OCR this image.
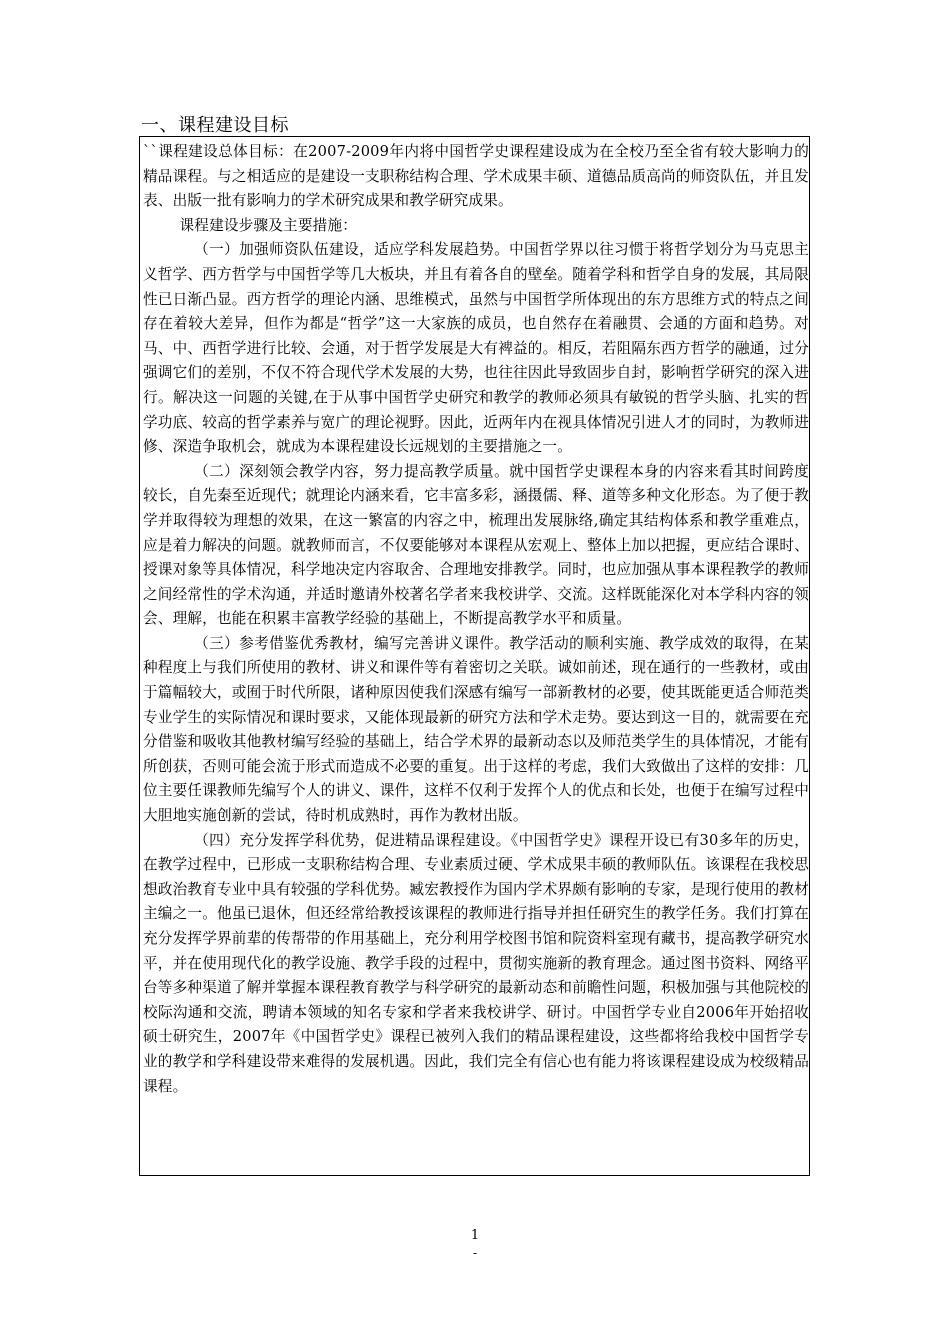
一、课程建设目标

``课程建设总体目标：在2007-2009年内将中国哲学史课程建设成为在全校乃至全省有较大影响力的精品课程。与之相适应的是建设一支职称结构合理、学术成果丰硕、道德品质高尚的师资队伍，并且发表、出版一批有影响力的学术研究成果和教学研究成果。

课程建设步骤及主要措施：

（一）加强师资队伍建设，适应学科发展趋势。中国哲学界以往习惯于将哲学划分为马克思主义哲学、西方哲学与中国哲学等几大板块，并且有着各自的壁垒。随着学科和哲学自身的发展，其局限性已日渐凸显。西方哲学的理论内涵、思维模式，虽然与中国哲学所体现出的东方思维方式的特点之间存在着较大差异，但作为都是“哲学”这一大家族的成员，也自然存在着融贯、会通的方面和趋势。对马、中、西哲学进行比较、会通，对于哲学发展是大有裨益的。相反，若阻隔东西方哲学的融通，过分强调它们的差别，不仅不符合现代学术发展的大势，也往往因此导致固步自封，影响哲学研究的深入进行。解决这一问题的关键,在于从事中国哲学史研究和教学的教师必须具有敏锐的哲学头脑、扎实的哲学功底、较高的哲学素养与宽广的理论视野。因此，近两年内在视具体情况引进人才的同时，为教师进修、深造争取机会，就成为本课程建设长远规划的主要措施之一。

（二）深刻领会教学内容，努力提高教学质量。就中国哲学史课程本身的内容来看其时间跨度较长，自先秦至近现代；就理论内涵来看，它丰富多彩，涵摄儒、释、道等多种文化形态。为了便于教学并取得较为理想的效果，在这一繁富的内容之中，梳理出发展脉络,确定其结构体系和教学重难点，应是着力解决的问题。就教师而言，不仅要能够对本课程从宏观上、整体上加以把握，更应结合课时、授课对象等具体情况，科学地决定内容取舍、合理地安排教学。同时，也应加强从事本课程教学的教师之间经常性的学术沟通，并适时邀请外校著名学者来我校讲学、交流。这样既能深化对本学科内容的领会、理解，也能在积累丰富教学经验的基础上，不断提高教学水平和质量。

（三）参考借鉴优秀教材，编写完善讲义课件。教学活动的顺利实施、教学成效的取得，在某种程度上与我们所使用的教材、讲义和课件等有着密切之关联。诚如前述，现在通行的一些教材，或由于篇幅较大，或囿于时代所限，诸种原因使我们深感有编写一部新教材的必要，使其既能更适合师范类专业学生的实际情况和课时要求，又能体现最新的研究方法和学术走势。要达到这一目的，就需要在充分借鉴和吸收其他教材编写经验的基础上，结合学术界的最新动态以及师范类学生的具体情况，才能有所创获，否则可能会流于形式而造成不必要的重复。出于这样的考虑，我们大致做出了这样的安排：几位主要任课教师先编写个人的讲义、课件，这样不仅利于发挥个人的优点和长处，也便于在编写过程中大胆地实施创新的尝试，待时机成熟时，再作为教材出版。

（四）充分发挥学科优势，促进精品课程建设。《中国哲学史》课程开设已有30多年的历史，在教学过程中，已形成一支职称结构合理、专业素质过硬、学术成果丰硕的教师队伍。该课程在我校思想政治教育专业中具有较强的学科优势。臧宏教授作为国内学术界颇有影响的专家，是现行使用的教材主编之一。他虽已退休，但还经常给教授该课程的教师进行指导并担任研究生的教学任务。我们打算在充分发挥学界前辈的传帮带的作用基础上，充分利用学校图书馆和院资料室现有藏书，提高教学研究水平，并在使用现代化的教学设施、教学手段的过程中，贯彻实施新的教育理念。通过图书资料、网络平台等多种渠道了解并掌握本课程教育教学与科学研究的最新动态和前瞻性问题，积极加强与其他院校的校际沟通和交流，聘请本领域的知名专家和学者来我校讲学、研讨。中国哲学专业自2006年开始招收硕士研究生，2007年《中国哲学史》课程已被列入我们的精品课程建设，这些都将给我校中国哲学专业的教学和学科建设带来难得的发展机遇。因此，我们完全有信心也有能力将该课程建设成为校级精品课程。

1
-
